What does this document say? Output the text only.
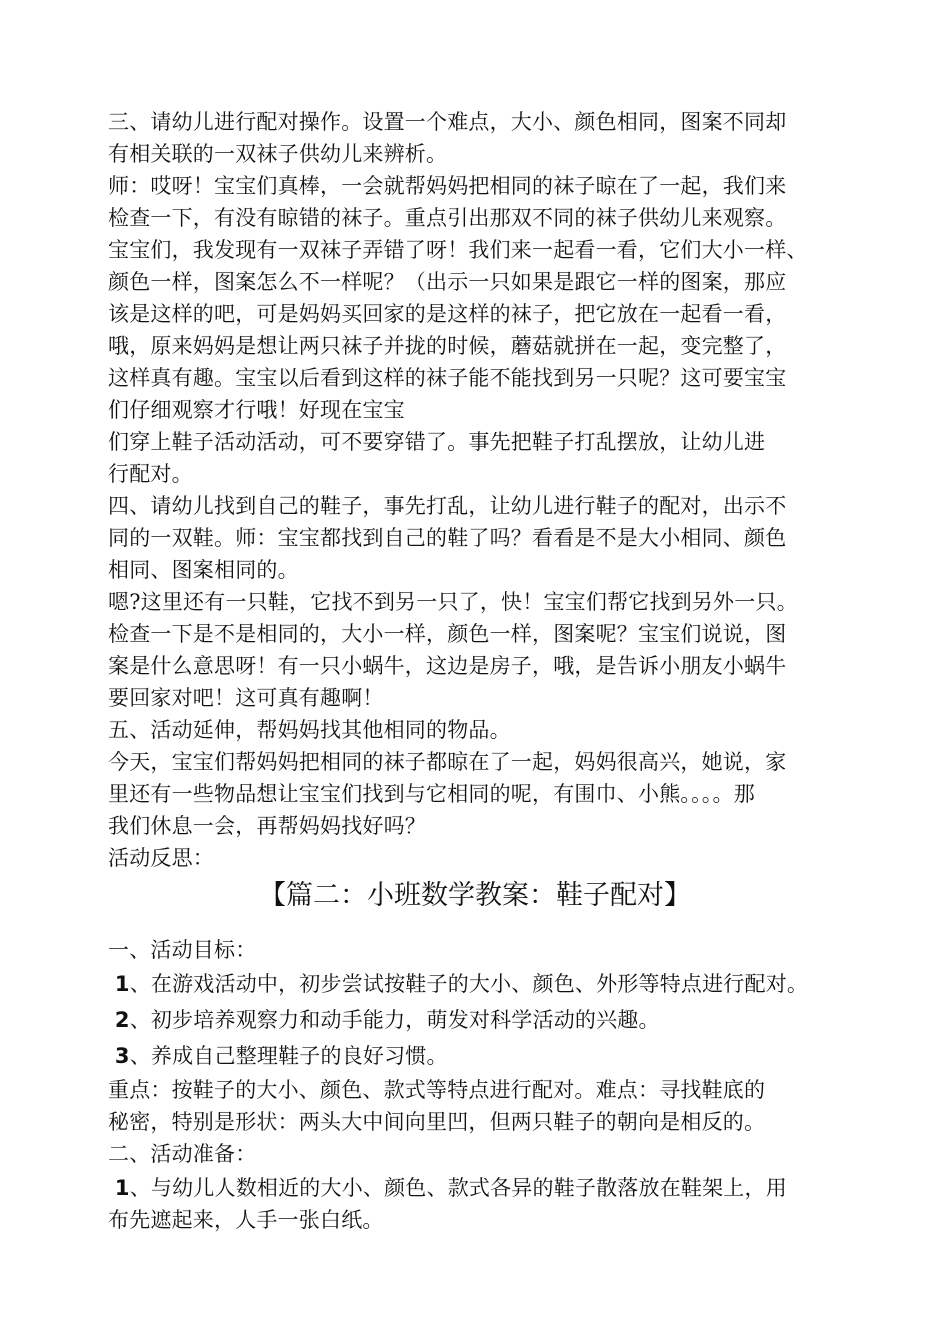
三、请幼儿进行配对操作。设置一个难点，大小、颜色相同，图案不同却
有相关联的一双袜子供幼儿来辨析。
师：哎呀！宝宝们真棒，一会就帮妈妈把相同的袜子晾在了一起，我们来
检查一下，有没有晾错的袜子。重点引出那双不同的袜子供幼儿来观察。
宝宝们，我发现有一双袜子弄错了呀！我们来一起看一看，它们大小一样、
颜色一样，图案怎么不一样呢？（出示一只如果是跟它一样的图案，那应
该是这样的吧，可是妈妈买回家的是这样的袜子，把它放在一起看一看，
哦，原来妈妈是想让两只袜子并拢的时候，蘑菇就拼在一起，变完整了，
这样真有趣。宝宝以后看到这样的袜子能不能找到另一只呢？这可要宝宝
们仔细观察才行哦！好现在宝宝
们穿上鞋子活动活动，可不要穿错了。事先把鞋子打乱摆放，让幼儿进
行配对。
四、请幼儿找到自己的鞋子，事先打乱，让幼儿进行鞋子的配对，出示不
同的一双鞋。师：宝宝都找到自己的鞋了吗？看看是不是大小相同、颜色
相同、图案相同的。
嗯?这里还有一只鞋，它找不到另一只了，快！宝宝们帮它找到另外一只。
检查一下是不是相同的，大小一样，颜色一样，图案呢？宝宝们说说，图
案是什么意思呀！有一只小蜗牛，这边是房子，哦，是告诉小朋友小蜗牛
要回家对吧！这可真有趣啊！
五、活动延伸，帮妈妈找其他相同的物品。
今天，宝宝们帮妈妈把相同的袜子都晾在了一起，妈妈很高兴，她说，家
里还有一些物品想让宝宝们找到与它相同的呢，有围巾、小熊。。。。那
我们休息一会，再帮妈妈找好吗？
活动反思：
【篇二：小班数学教案：鞋子配对】
一、活动目标：
1、在游戏活动中，初步尝试按鞋子的大小、颜色、外形等特点进行配对。
2、初步培养观察力和动手能力，萌发对科学活动的兴趣。
3、养成自己整理鞋子的良好习惯。
重点：按鞋子的大小、颜色、款式等特点进行配对。难点：寻找鞋底的
秘密，特别是形状：两头大中间向里凹，但两只鞋子的朝向是相反的。
二、活动准备：
1、与幼儿人数相近的大小、颜色、款式各异的鞋子散落放在鞋架上，用
布先遮起来，人手一张白纸。
